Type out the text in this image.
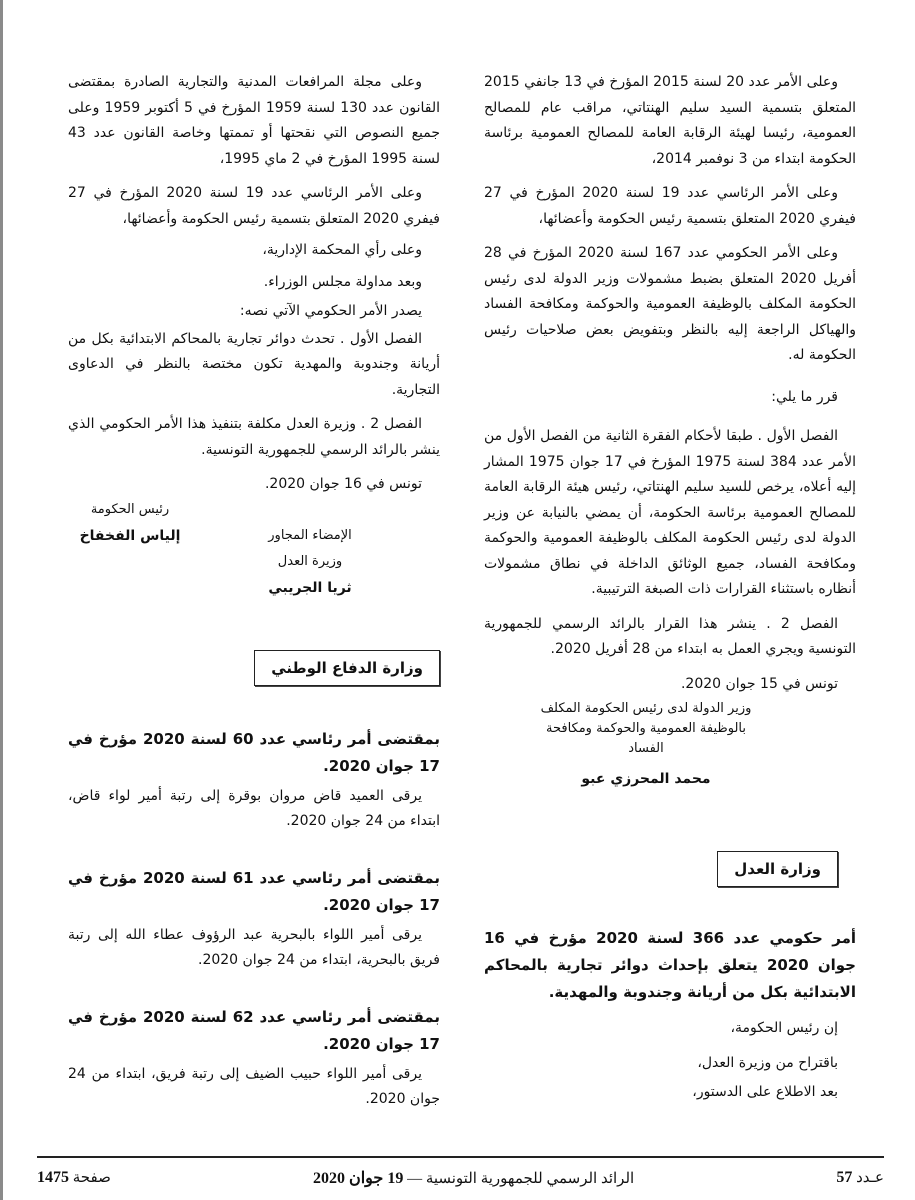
وعلى الأمر عدد 20 لسنة 2015 المؤرخ في 13 جانفي 2015 المتعلق بتسمية السيد سليم الهنتاتي، مراقب عام للمصالح العمومية، رئيسا لهيئة الرقابة العامة للمصالح العمومية برئاسة الحكومة ابتداء من 3 نوفمبر 2014،

وعلى الأمر الرئاسي عدد 19 لسنة 2020 المؤرخ في 27 فيفري 2020 المتعلق بتسمية رئيس الحكومة وأعضائها،

وعلى الأمر الحكومي عدد 167 لسنة 2020 المؤرخ في 28 أفريل 2020 المتعلق بضبط مشمولات وزير الدولة لدى رئيس الحكومة المكلف بالوظيفة العمومية والحوكمة ومكافحة الفساد والهياكل الراجعة إليه بالنظر وبتفويض بعض صلاحيات رئيس الحكومة له.

قرر ما يلي:

الفصل الأول . طبقا لأحكام الفقرة الثانية من الفصل الأول من الأمر عدد 384 لسنة 1975 المؤرخ في 17 جوان 1975 المشار إليه أعلاه، يرخص للسيد سليم الهنتاتي، رئيس هيئة الرقابة العامة للمصالح العمومية برئاسة الحكومة، أن يمضي بالنيابة عن وزير الدولة لدى رئيس الحكومة المكلف بالوظيفة العمومية والحوكمة ومكافحة الفساد، جميع الوثائق الداخلة في نطاق مشمولات أنظاره باستثناء القرارات ذات الصبغة الترتيبية.

الفصل 2 . ينشر هذا القرار بالرائد الرسمي للجمهورية التونسية ويجري العمل به ابتداء من 28 أفريل 2020.

تونس في 15 جوان 2020.

وزير الدولة لدى رئيس الحكومة المكلف بالوظيفة العمومية والحوكمة ومكافحة الفساد

محمد المحرزي عبو

وزارة العدل

أمر حكومي عدد 366 لسنة 2020 مؤرخ في 16 جوان 2020 يتعلق بإحداث دوائر تجارية بالمحاكم الابتدائية بكل من أريانة وجندوبة والمهدية.

إن رئيس الحكومة،

باقتراح من وزيرة العدل،

بعد الاطلاع على الدستور،

وعلى مجلة المرافعات المدنية والتجارية الصادرة بمقتضى القانون عدد 130 لسنة 1959 المؤرخ في 5 أكتوبر 1959 وعلى جميع النصوص التي نقحتها أو تممتها وخاصة القانون عدد 43 لسنة 1995 المؤرخ في 2 ماي 1995،

وعلى الأمر الرئاسي عدد 19 لسنة 2020 المؤرخ في 27 فيفري 2020 المتعلق بتسمية رئيس الحكومة وأعضائها،

وعلى رأي المحكمة الإدارية،

وبعد مداولة مجلس الوزراء.

يصدر الأمر الحكومي الآتي نصه:

الفصل الأول . تحدث دوائر تجارية بالمحاكم الابتدائية بكل من أريانة وجندوبة والمهدية تكون مختصة بالنظر في الدعاوى التجارية.

الفصل 2 . وزيرة العدل مكلفة بتنفيذ هذا الأمر الحكومي الذي ينشر بالرائد الرسمي للجمهورية التونسية.

تونس في 16 جوان 2020.

رئيس الحكومة

إلياس الفخفاخ	الإمضاء المجاور

وزيرة العدل

ثريا الجريبي

وزارة الدفاع الوطني

بمقتضى أمر رئاسي عدد 60 لسنة 2020 مؤرخ في 17 جوان 2020.

يرقى العميد قاض مروان بوقرة إلى رتبة أمير لواء قاض، ابتداء من 24 جوان 2020.

بمقتضى أمر رئاسي عدد 61 لسنة 2020 مؤرخ في 17 جوان 2020.

يرقى أمير اللواء بالبحرية عبد الرؤوف عطاء الله إلى رتبة فريق بالبحرية، ابتداء من 24 جوان 2020.

بمقتضى أمر رئاسي عدد 62 لسنة 2020 مؤرخ في 17 جوان 2020.

يرقى أمير اللواء حبيب الضيف إلى رتبة فريق، ابتداء من 24 جوان 2020.

عـدد 57
الرائد الرسمي للجمهورية التونسية — 19 جوان 2020
صفحة 1475
